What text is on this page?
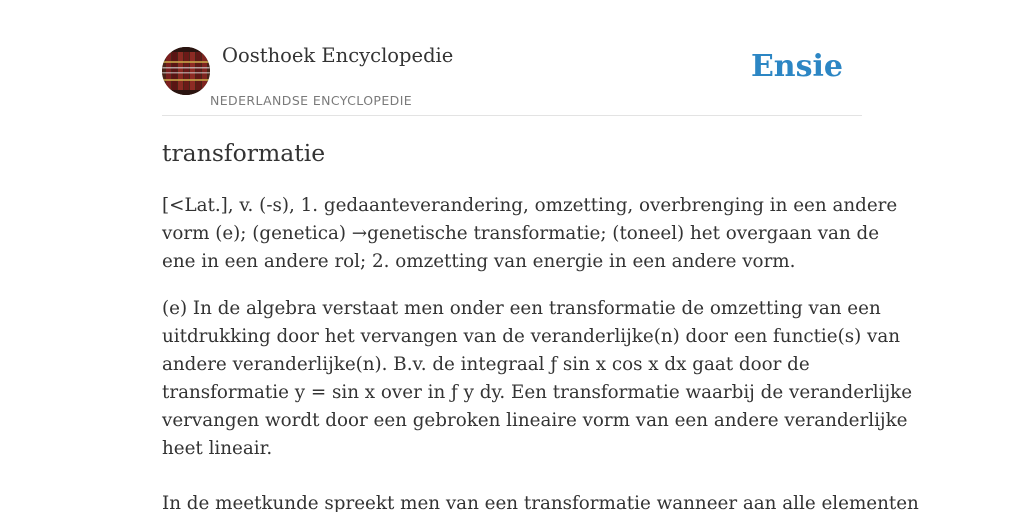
Oosthoek Encyclopedie
NEDERLANDSE ENCYCLOPEDIE
Ensie
transformatie
[<Lat.], v. (-s), 1. gedaanteverandering, omzetting, overbrenging in een andere
vorm (e); (genetica) →genetische transformatie; (toneel) het overgaan van de
ene in een andere rol; 2. omzetting van energie in een andere vorm.
(e) In de algebra verstaat men onder een transformatie de omzetting van een
uitdrukking door het vervangen van de veranderlijke(n) door een functie(s) van
andere veranderlijke(n). B.v. de integraal ƒ sin x cos x dx gaat door de
transformatie y = sin x over in ƒ y dy. Een transformatie waarbij de veranderlijke
vervangen wordt door een gebroken lineaire vorm van een andere veranderlijke
heet lineair.
In de meetkunde spreekt men van een transformatie wanneer aan alle elementen
